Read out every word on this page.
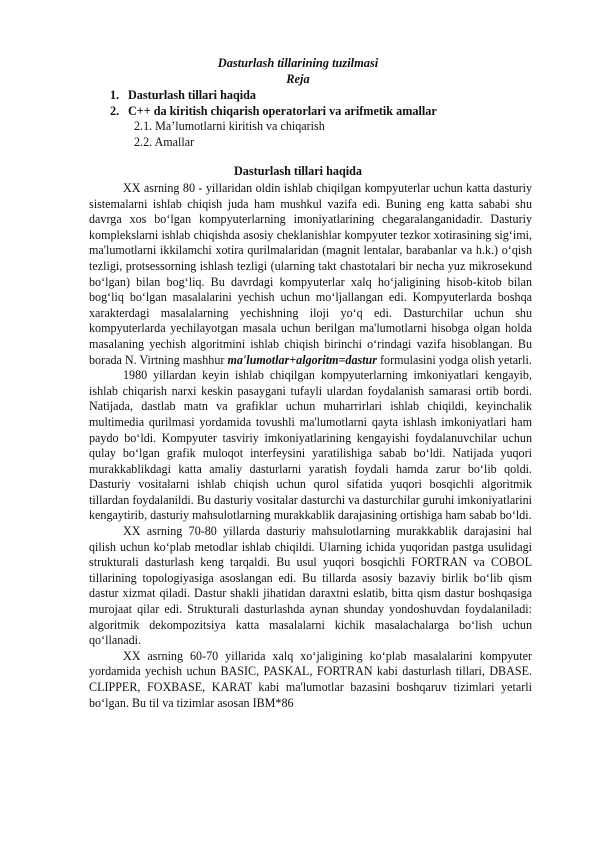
Dasturlash tillarining tuzilmasi
Reja
1. Dasturlash tillari haqida
2. C++ da kiritish chiqarish operatorlari va arifmetik amallar
2.1. Ma’lumotlarni kiritish va chiqarish
2.2. Amallar
Dasturlash tillari haqida

XX asrning 80 - yillaridan oldin ishlab chiqilgan kompyuterlar uchun katta dasturiy sistemalarni ishlab chiqish juda ham mushkul vazifa edi. Buning eng katta sababi shu davrga xos bo‘lgan kompyuterlarning imoniyatlarining chegaralanganidadir. Dasturiy komplekslarni ishlab chiqishda asosiy cheklanishlar kompyuter tezkor xotirasining sig‘imi, ma'lumotlarni ikkilamchi xotira qurilmalaridan (magnit lentalar, barabanlar va h.k.) o‘qish tezligi, protsessorning ishlash tezligi (ularning takt chastotalari bir necha yuz mikrosekund bo‘lgan) bilan bog‘liq. Bu davrdagi kompyuterlar xalq ho‘jaligining hisob-kitob bilan bog‘liq bo‘lgan masalalarini yechish uchun mo‘ljallangan edi. Kompyuterlarda boshqa xarakterdagi masalalarning yechishning iloji yo‘q edi. Dasturchilar uchun shu kompyuterlarda yechilayotgan masala uchun berilgan ma'lumotlarni hisobga olgan holda masalaning yechish algoritmini ishlab chiqish birinchi o‘rindagi vazifa hisoblangan. Bu borada N. Virtning mashhur ma'lumotlar+algoritm=dastur formulasini yodga olish yetarli.

1980 yillardan keyin ishlab chiqilgan kompyuterlarning imkoniyatlari kengayib, ishlab chiqarish narxi keskin pasaygani tufayli ulardan foydalanish samarasi ortib bordi. Natijada, dastlab matn va grafiklar uchun muharrirlari ishlab chiqildi, keyinchalik multimedia qurilmasi yordamida tovushli ma'lumotlarni qayta ishlash imkoniyatlari ham paydo bo‘ldi. Kompyuter tasviriy imkoniyatlarining kengayishi foydalanuvchilar uchun qulay bo‘lgan grafik muloqot interfeysini yaratilishiga sabab bo‘ldi. Natijada yuqori murakkablikdagi katta amaliy dasturlarni yaratish foydali hamda zarur bo‘lib qoldi. Dasturiy vositalarni ishlab chiqish uchun qurol sifatida yuqori bosqichli algoritmik tillardan foydalanildi. Bu dasturiy vositalar dasturchi va dasturchilar guruhi imkoniyatlarini kengaytirib, dasturiy mahsulotlarning murakkablik darajasining ortishiga ham sabab bo‘ldi.

XX asrning 70-80 yillarda dasturiy mahsulotlarning murakkablik darajasini hal qilish uchun ko‘plab metodlar ishlab chiqildi. Ularning ichida yuqoridan pastga usulidagi strukturali dasturlash keng tarqaldi. Bu usul yuqori bosqichli FORTRAN va COBOL tillarining topologiyasiga asoslangan edi. Bu tillarda asosiy bazaviy birlik bo‘lib qism dastur xizmat qiladi. Dastur shakli jihatidan daraxtni eslatib, bitta qism dastur boshqasiga murojaat qilar edi. Strukturali dasturlashda aynan shunday yondoshuvdan foydalaniladi: algoritmik dekompozitsiya katta masalalarni kichik masalachalarga bo‘lish uchun qo‘llanadi.

XX asrning 60-70 yillarida xalq xo‘jaligining ko‘plab masalalarini kompyuter yordamida yechish uchun BASIC, PASKAL, FORTRAN kabi dasturlash tillari, DBASE. CLIPPER, FOXBASE, KARAT kabi ma'lumotlar bazasini boshqaruv tizimlari yetarli bo‘lgan. Bu til va tizimlar asosan IBM*86
